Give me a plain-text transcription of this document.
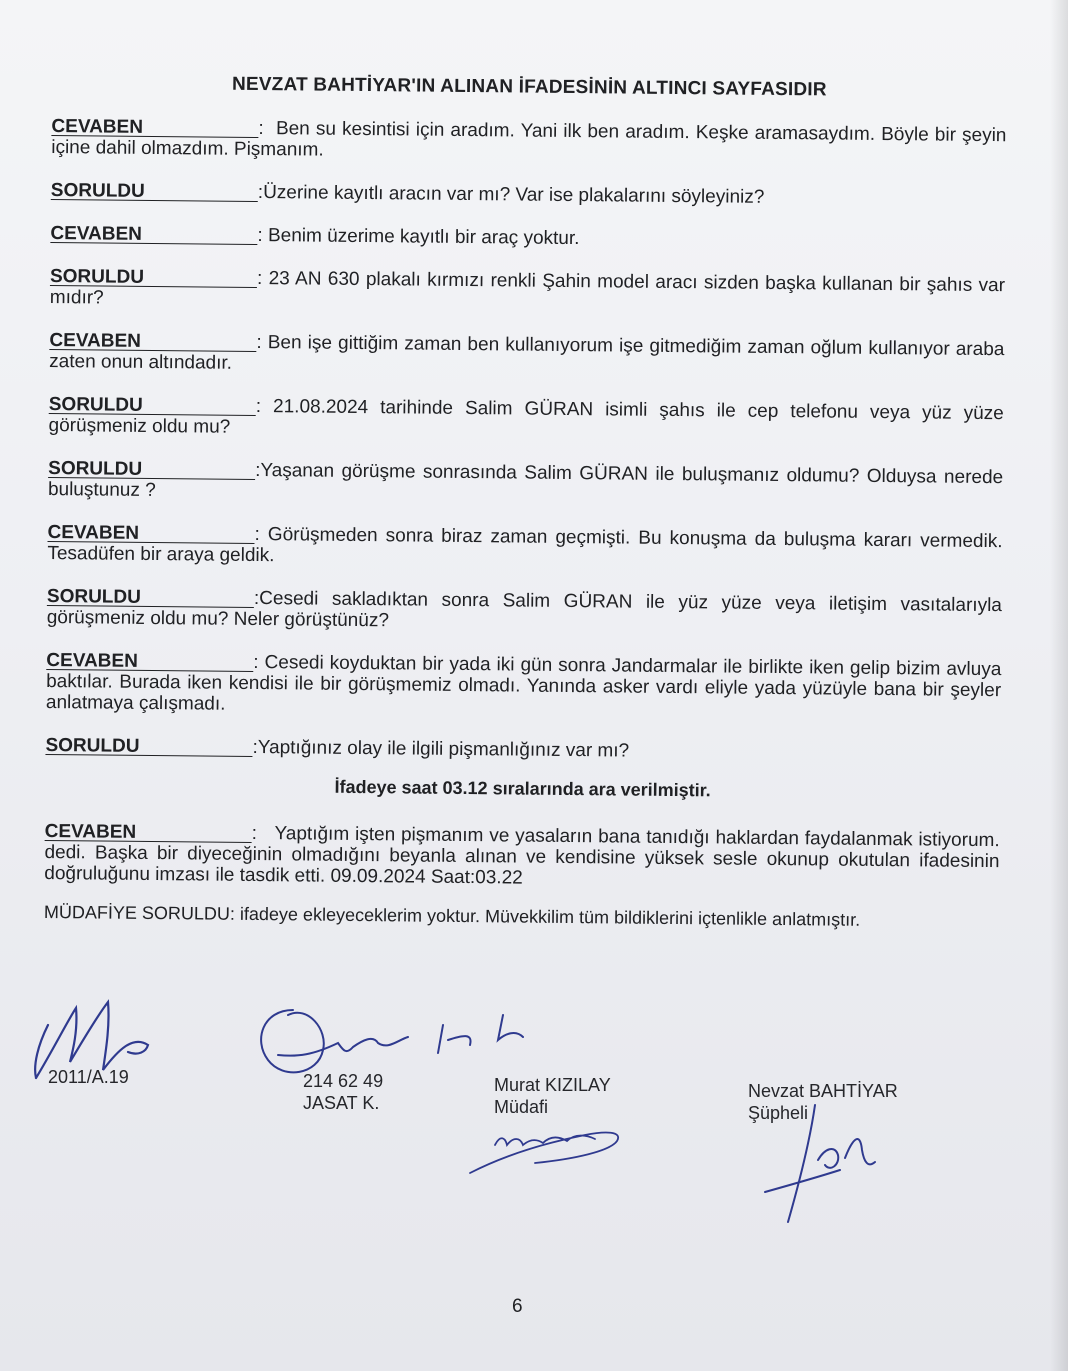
NEVZAT BAHTİYAR'IN ALINAN İFADESİNİN ALTINCI SAYFASIDIR

CEVABEN	: Ben su kesintisi için aradım. Yani ilk ben aradım. Keşke aramasaydım. Böyle bir şeyin içine dahil olmazdım. Pişmanım.

SORULDU	:Üzerine kayıtlı aracın var mı? Var ise plakalarını söyleyiniz?

CEVABEN	: Benim üzerime kayıtlı bir araç yoktur.

SORULDU	: 23 AN 630 plakalı kırmızı renkli Şahin model aracı sizden başka kullanan bir şahıs var mıdır?

CEVABEN	: Ben işe gittiğim zaman ben kullanıyorum işe gitmediğim zaman oğlum kullanıyor araba zaten onun altındadır.

SORULDU	: 21.08.2024 tarihinde Salim GÜRAN isimli şahıs ile cep telefonu veya yüz yüze görüşmeniz oldu mu?

SORULDU	:Yaşanan görüşme sonrasında Salim GÜRAN ile buluşmanız oldumu? Olduysa nerede buluştunuz ?

CEVABEN	: Görüşmeden sonra biraz zaman geçmişti. Bu konuşma da buluşma kararı vermedik. Tesadüfen bir araya geldik.

SORULDU	:Cesedi sakladıktan sonra Salim GÜRAN ile yüz yüze veya iletişim vasıtalarıyla görüşmeniz oldu mu? Neler görüştünüz?

CEVABEN	: Cesedi koyduktan bir yada iki gün sonra Jandarmalar ile birlikte iken gelip bizim avluya baktılar. Burada iken kendisi ile bir görüşmemiz olmadı. Yanında asker vardı eliyle yada yüzüyle bana bir şeyler anlatmaya çalışmadı.

SORULDU	:Yaptığınız olay ile ilgili pişmanlığınız var mı?

İfadeye saat 03.12 sıralarında ara verilmiştir.

CEVABEN	: Yaptığım işten pişmanım ve yasaların bana tanıdığı haklardan faydalanmak istiyorum. dedi. Başka bir diyeceğinin olmadığını beyanla alınan ve kendisine yüksek sesle okunup okutulan ifadesinin doğruluğunu imzası ile tasdik etti. 09.09.2024 Saat:03.22

MÜDAFİYE SORULDU: ifadeye ekleyeceklerim yoktur. Müvekkilim tüm bildiklerini içtenlikle anlatmıştır.
2011/A.19	214 62 49
JASAT K.
Murat KIZILAY
Müdafi
Nevzat BAHTİYAR
Şüpheli
6
